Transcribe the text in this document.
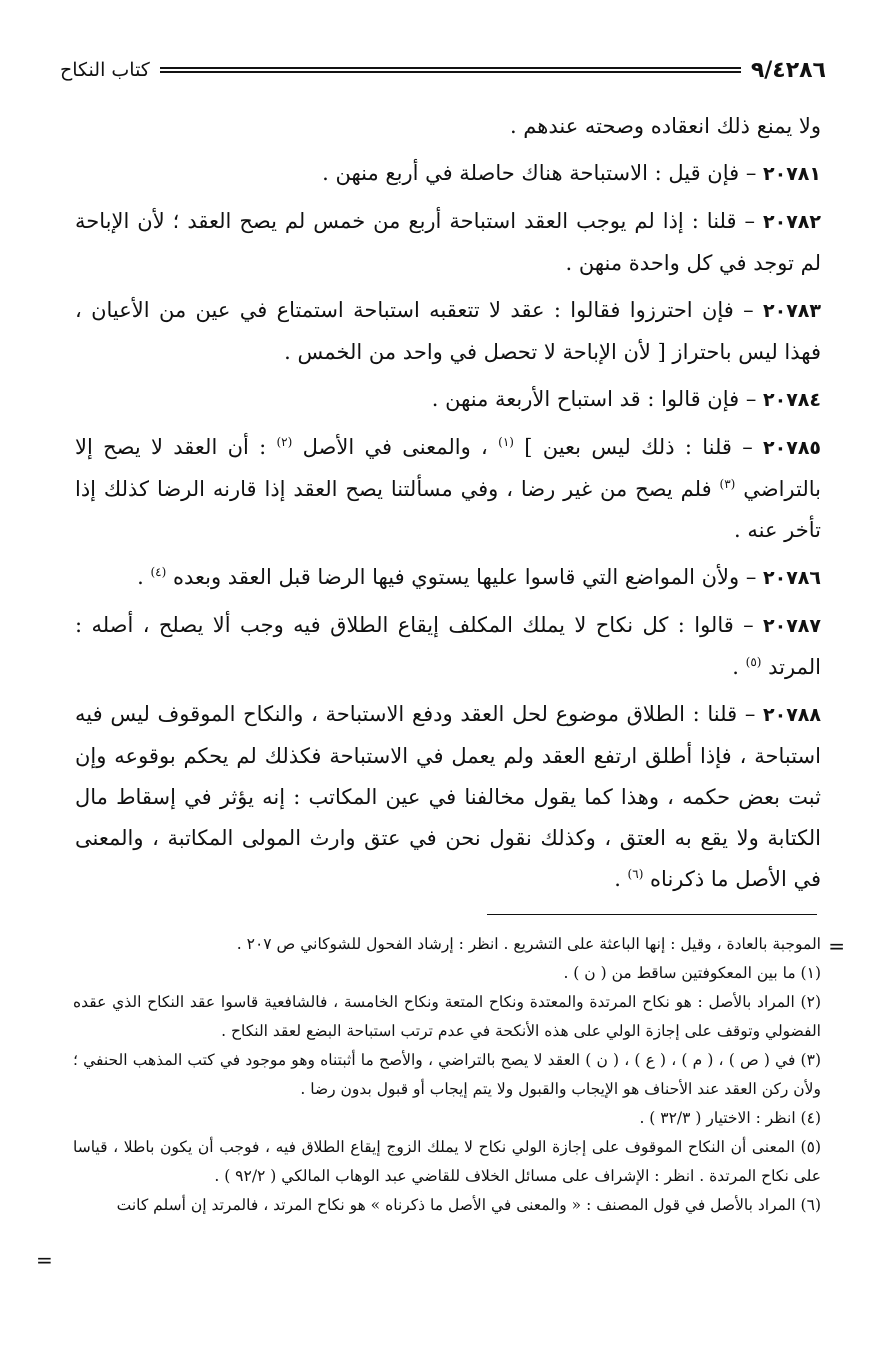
٩/٤٢٨٦
كتاب النكاح

ولا يمنع ذلك انعقاده وصحته عندهم .

٢٠٧٨١ – فإن قيل : الاستباحة هناك حاصلة في أربع منهن .

٢٠٧٨٢ – قلنا : إذا لم يوجب العقد استباحة أربع من خمس لم يصح العقد ؛ لأن الإباحة لم توجد في كل واحدة منهن .

٢٠٧٨٣ – فإن احترزوا فقالوا : عقد لا تتعقبه استباحة استمتاع في عين من الأعيان ، فهذا ليس باحتراز [ لأن الإباحة لا تحصل في واحد من الخمس .

٢٠٧٨٤ – فإن قالوا : قد استباح الأربعة منهن .

٢٠٧٨٥ – قلنا : ذلك ليس بعين ] $^{(١)}$ ، والمعنى في الأصل $^{(٢)}$ : أن العقد لا يصح إلا بالتراضي $^{(٣)}$ فلم يصح من غير رضا ، وفي مسألتنا يصح العقد إذا قارنه الرضا كذلك إذا تأخر عنه .

٢٠٧٨٦ – ولأن المواضع التي قاسوا عليها يستوي فيها الرضا قبل العقد وبعده $^{(٤)}$ .

٢٠٧٨٧ – قالوا : كل نكاح لا يملك المكلف إيقاع الطلاق فيه وجب ألا يصلح ، أصله : المرتد $^{(٥)}$ .

٢٠٧٨٨ – قلنا : الطلاق موضوع لحل العقد ودفع الاستباحة ، والنكاح الموقوف ليس فيه استباحة ، فإذا أطلق ارتفع العقد ولم يعمل في الاستباحة فكذلك لم يحكم بوقوعه وإن ثبت بعض حكمه ، وهذا كما يقول مخالفنا في عين المكاتب : إنه يؤثر في إسقاط مال الكتابة ولا يقع به العتق ، وكذلك نقول نحن في عتق وارث المولى المكاتبة ، والمعنى في الأصل ما ذكرناه $^{(٦)}$ .

=

الموجبة بالعادة ، وقيل : إنها الباعثة على التشريع . انظر : إرشاد الفحول للشوكاني ص ٢٠٧ .

(١) ما بين المعكوفتين ساقط من ( ن ) .

(٢) المراد بالأصل : هو نكاح المرتدة والمعتدة ونكاح المتعة ونكاح الخامسة ، فالشافعية قاسوا عقد النكاح الذي عقده الفضولي وتوقف على إجازة الولي على هذه الأنكحة في عدم ترتب استباحة البضع لعقد النكاح .

(٣) في ( ص ) ، ( م ) ، ( ع ) ، ( ن ) العقد لا يصح بالتراضي ، والأصح ما أثبتناه وهو موجود في كتب المذهب الحنفي ؛ ولأن ركن العقد عند الأحناف هو الإيجاب والقبول ولا يتم إيجاب أو قبول بدون رضا .

(٤) انظر : الاختيار ( ٣٢/٣ ) .

(٥) المعنى أن النكاح الموقوف على إجازة الولي نكاح لا يملك الزوج إيقاع الطلاق فيه ، فوجب أن يكون باطلا ، قياسا على نكاح المرتدة . انظر : الإشراف على مسائل الخلاف للقاضي عبد الوهاب المالكي ( ٩٢/٢ ) .

(٦) المراد بالأصل في قول المصنف : « والمعنى في الأصل ما ذكرناه » هو نكاح المرتد ، فالمرتد إن أسلم كانت

=
